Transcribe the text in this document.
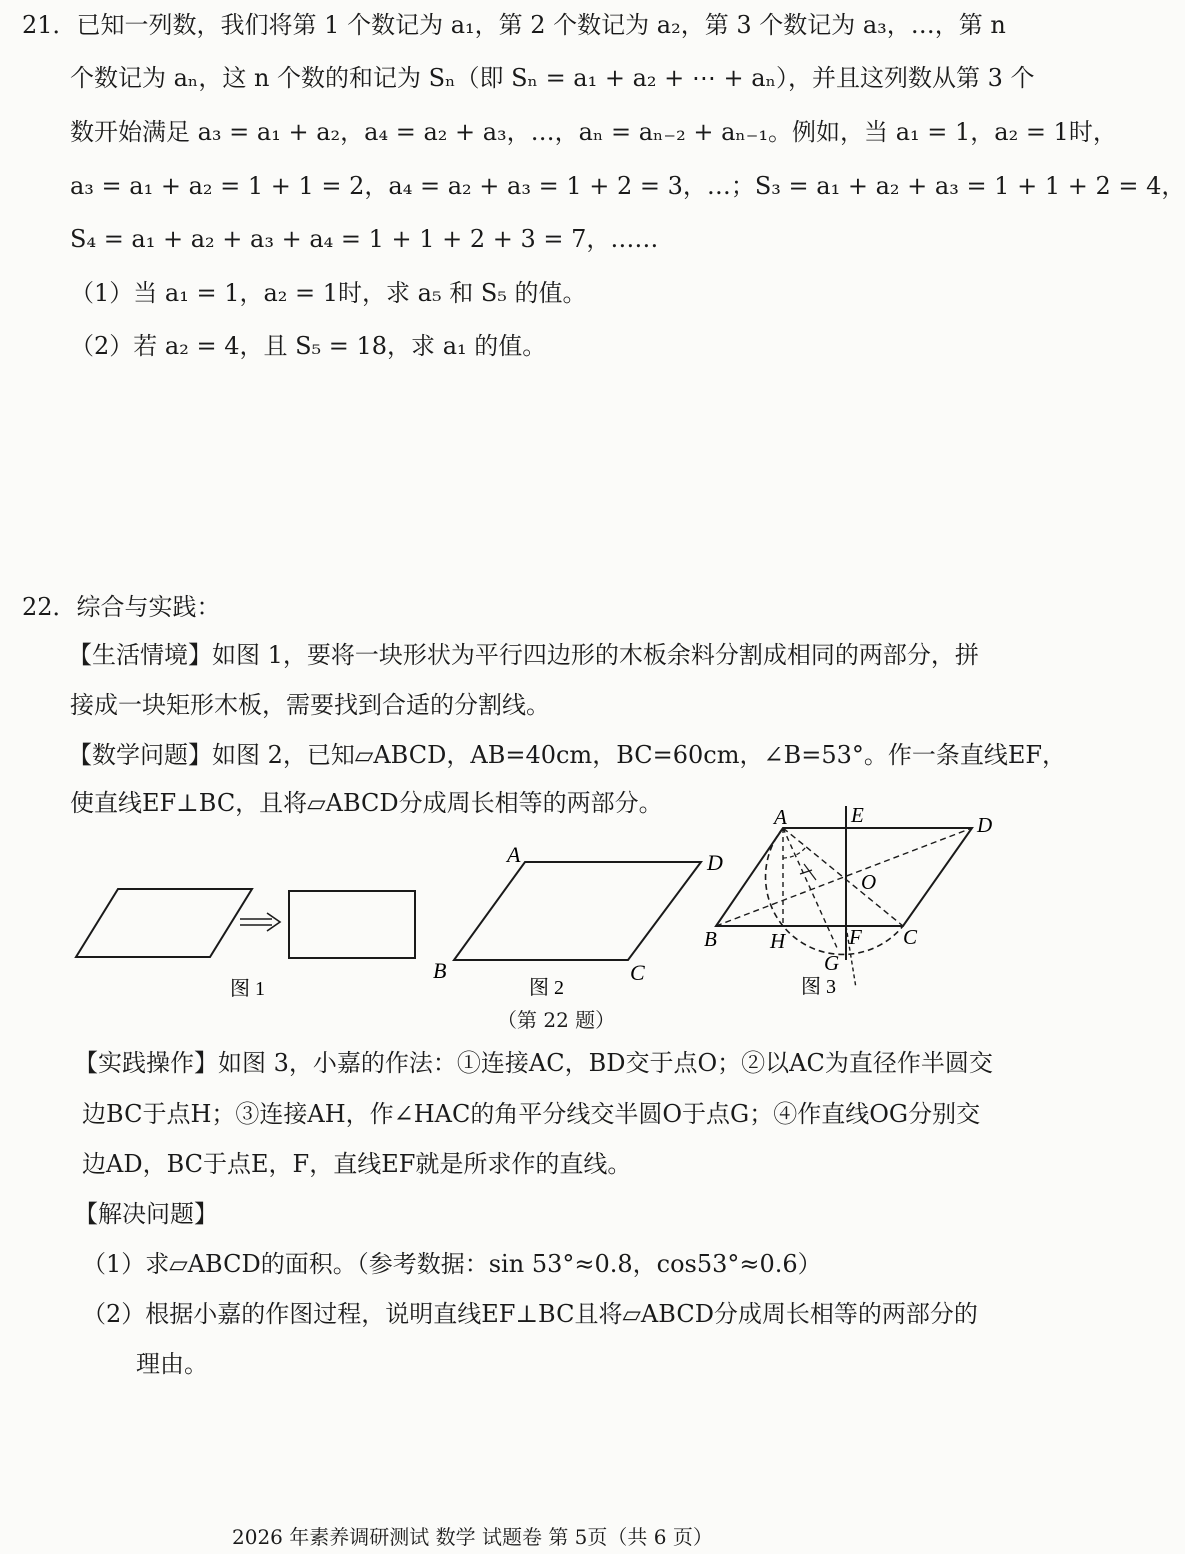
21．已知一列数，我们将第 1 个数记为 a₁，第 2 个数记为 a₂，第 3 个数记为 a₃，…，第 n
个数记为 aₙ，这 n 个数的和记为 Sₙ（即 Sₙ = a₁ + a₂ + ⋯ + aₙ），并且这列数从第 3 个
数开始满足 a₃ = a₁ + a₂，a₄ = a₂ + a₃，…，aₙ = aₙ₋₂ + aₙ₋₁。例如，当 a₁ = 1，a₂ = 1时，
a₃ = a₁ + a₂ = 1 + 1 = 2，a₄ = a₂ + a₃ = 1 + 2 = 3，…；S₃ = a₁ + a₂ + a₃ = 1 + 1 + 2 = 4，
S₄ = a₁ + a₂ + a₃ + a₄ = 1 + 1 + 2 + 3 = 7，……
（1）当 a₁ = 1，a₂ = 1时，求 a₅ 和 S₅ 的值。
（2）若 a₂ = 4，且 S₅ = 18，求 a₁ 的值。
22．综合与实践：
【生活情境】如图 1，要将一块形状为平行四边形的木板余料分割成相同的两部分，拼
接成一块矩形木板，需要找到合适的分割线。
【数学问题】如图 2，已知▱ABCD，AB=40cm，BC=60cm，∠B=53°。作一条直线EF，
使直线EF⊥BC，且将▱ABCD分成周长相等的两部分。
图 1
A	D
B	C
图 2
A	E	D
O
B	H	F C
G
图 3
（第 22 题）
【实践操作】如图 3，小嘉的作法：①连接AC，BD交于点O；②以AC为直径作半圆交
边BC于点H；③连接AH，作∠HAC的角平分线交半圆O于点G；④作直线OG分别交
边AD，BC于点E，F，直线EF就是所求作的直线。
【解决问题】
（1）求▱ABCD的面积。（参考数据：sin 53°≈0.8，cos53°≈0.6）
（2）根据小嘉的作图过程，说明直线EF⊥BC且将▱ABCD分成周长相等的两部分的
理由。
2026 年素养调研测试 数学 试题卷 第 5页（共 6 页）
